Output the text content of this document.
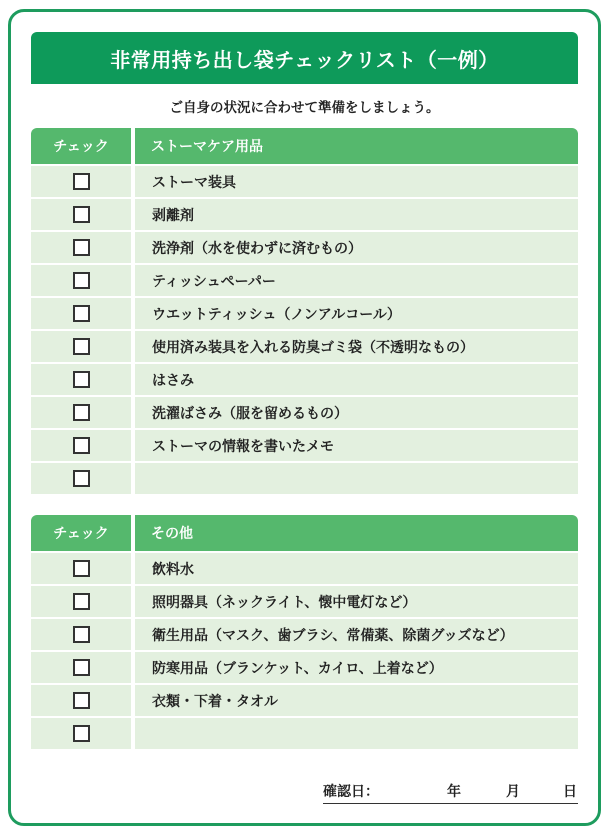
非常用持ち出し袋チェックリスト（一例）
ご自身の状況に合わせて準備をしましょう。
チェック	ストーマケア用品
ストーマ装具
剥離剤
洗浄剤（水を使わずに済むもの）
ティッシュペーパー
ウエットティッシュ（ノンアルコール）
使用済み装具を入れる防臭ゴミ袋（不透明なもの）
はさみ
洗濯ばさみ（服を留めるもの）
ストーマの情報を書いたメモ
チェック	その他
飲料水
照明器具（ネックライト、懐中電灯など）
衛生用品（マスク、歯ブラシ、常備薬、除菌グッズなど）
防寒用品（ブランケット、カイロ、上着など）
衣類・下着・タオル
確認日：	年	月	日
